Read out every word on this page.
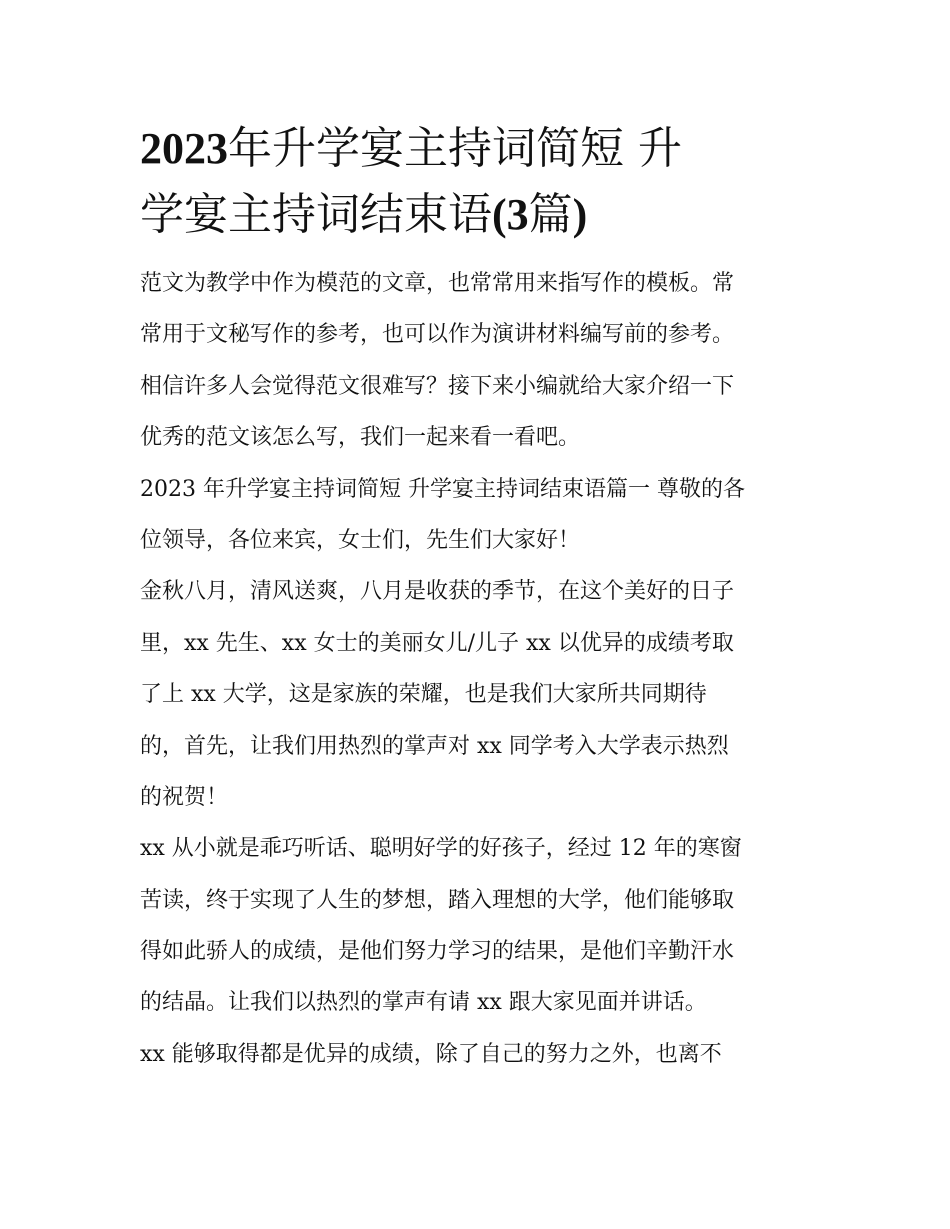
2023年升学宴主持词简短 升
学宴主持词结束语(3篇)
范文为教学中作为模范的文章，也常常用来指写作的模板。常
常用于文秘写作的参考，也可以作为演讲材料编写前的参考。
相信许多人会觉得范文很难写？接下来小编就给大家介绍一下
优秀的范文该怎么写，我们一起来看一看吧。
2023 年升学宴主持词简短 升学宴主持词结束语篇一 尊敬的各
位领导，各位来宾，女士们，先生们大家好！
金秋八月，清风送爽，八月是收获的季节，在这个美好的日子
里，xx 先生、xx 女士的美丽女儿/儿子 xx 以优异的成绩考取
了上 xx 大学，这是家族的荣耀，也是我们大家所共同期待
的，首先，让我们用热烈的掌声对 xx 同学考入大学表示热烈
的祝贺！
xx 从小就是乖巧听话、聪明好学的好孩子，经过 12 年的寒窗
苦读，终于实现了人生的梦想，踏入理想的大学，他们能够取
得如此骄人的成绩，是他们努力学习的结果，是他们辛勤汗水
的结晶。让我们以热烈的掌声有请 xx 跟大家见面并讲话。
xx 能够取得都是优异的成绩，除了自己的努力之外，也离不
